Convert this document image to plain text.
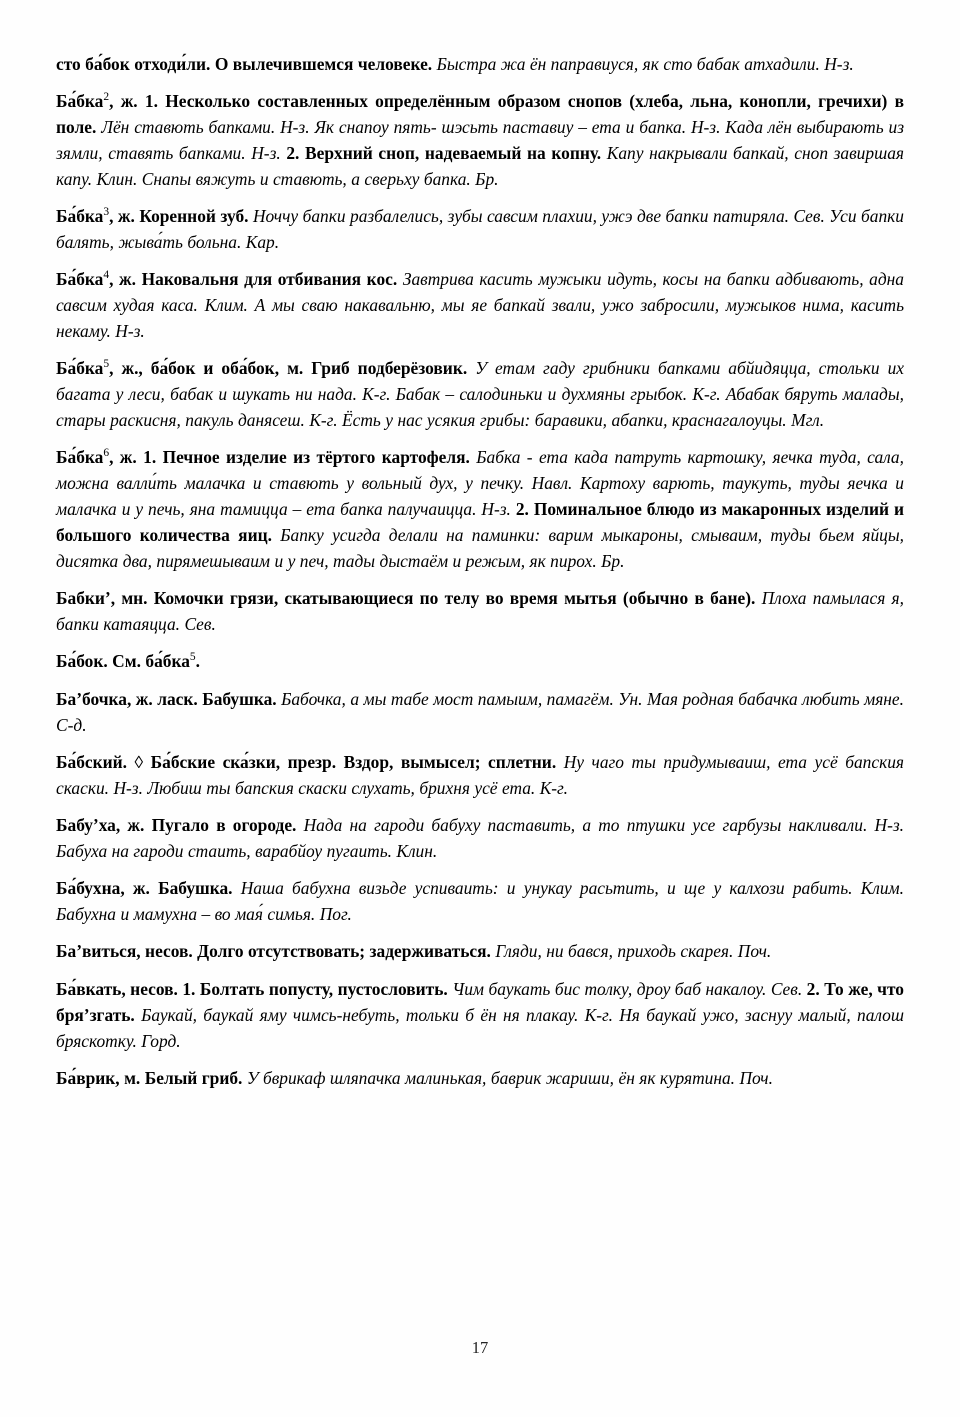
сто ба́бок отходи́ли. О вылечившемся человеке. Быстра жа ён паправиуся, як сто бабак атхадили. Н-з.

Ба́бка$^2$, ж. 1. Несколько составленных определённым образом снопов (хлеба, льна, конопли, гречихи) в поле. Лён ставють бапками. Н-з. Як снапоу пять- шэсьть паставиу – ета и бапка. Н-з. Када лён выбирають из зямли, ставять бапками. Н-з. 2. Верхний сноп, надеваемый на копну. Капу накрывали бапкай, сноп завиршая капу. Клин. Снапы вяжуть и ставють, а сверьху бапка. Бр.

Ба́бка$^3$, ж. Коренной зуб. Ноччу бапки разбалелись, зубы савсим плахии, ужэ две бапки патиряла. Сев. Уси бапки балять, жыва́ть больна. Кар.

Ба́бка$^4$, ж. Наковальня для отбивания кос. Завтрива касить мужыки идуть, косы на бапки адбивають, адна савсим худая каса. Клим. А мы сваю накавальню, мы яе бапкай звали, ужо забросили, мужыков нима, касить некаму. Н-з.

Ба́бка$^5$, ж., ба́бок и оба́бок, м. Гриб подберёзовик. У етам гаду грибники бапками абйидяцца, стольки их багата у леси, бабак и шукать ни нада. К-г. Бабак – салодиньки и духмяны грыбок. К-г. Абабак бяруть малады, стары раскисня, пакуль данясеш. К-г. Ёсть у нас усякия грибы: баравики, абапки, краснагалоуцы. Мгл.

Ба́бка$^6$, ж. 1. Печное изделие из тёртого картофеля. Бабка - ета када патруть картошку, яечка туда, сала, можна валли́ть малачка и ставють у вольный дух, у печку. Навл. Картоху варють, таукуть, туды яечка и малачка и у печь, яна тамицца – ета бапка палучаицца. Н-з. 2. Поминальное блюдо из макаронных изделий и большого количества яиц. Бапку усигда делали на паминки: варим мыкароны, смываим, туды бьем яйцы, дисятка два, пирямешываим и у печ, тады дыстаём и режым, як пирох. Бр.

Бабки’, мн. Комочки грязи, скатывающиеся по телу во время мытья (обычно в бане). Плоха памылася я, бапки катаяцца. Сев.

Ба́бок. См. ба́бка$^5$.

Ба’бочка, ж. ласк. Бабушка. Бабочка, а мы табе мост памыим, памагём. Ун. Мая родная бабачка любить мяне. С-д.

Ба́бский. ◊ Ба́бские ска́зки, презр. Вздор, вымысел; сплетни. Ну чаго ты придумываиш, ета усё бапския скаски. Н-з. Любиш ты бапския скаски слухать, брихня усё ета. К-г.

Бабу’ха, ж. Пугало в огороде. Нада на гароди бабуху паставить, а то птушки усе гарбузы накливали. Н-з. Бабуха на гароди стаить, варабйоу пугаить. Клин.

Ба́бухна, ж. Бабушка. Наша бабухна визьде успиваить: и унукау расьтить, и ще у калхози рабить. Клим. Бабухна и мамухна – во мая́ симья. Пог.

Ба’виться, несов. Долго отсутствовать; задерживаться. Гляди, ни бався, приходь скарея. Поч.

Ба́вкать, несов. 1. Болтать попусту, пустословить. Чим баукать бис толку, дроу баб накалоу. Сев. 2. То же, что бря’згать. Баукай, баукай яму чимсь-небуть, тольки б ён ня плакау. К-г. Ня баукай ужо, заснуу малый, палош бряскотку. Горд.

Ба́врик, м. Белый гриб. У бврикаф шляпачка малинькая, баврик жариши, ён як курятина. Поч.

17
